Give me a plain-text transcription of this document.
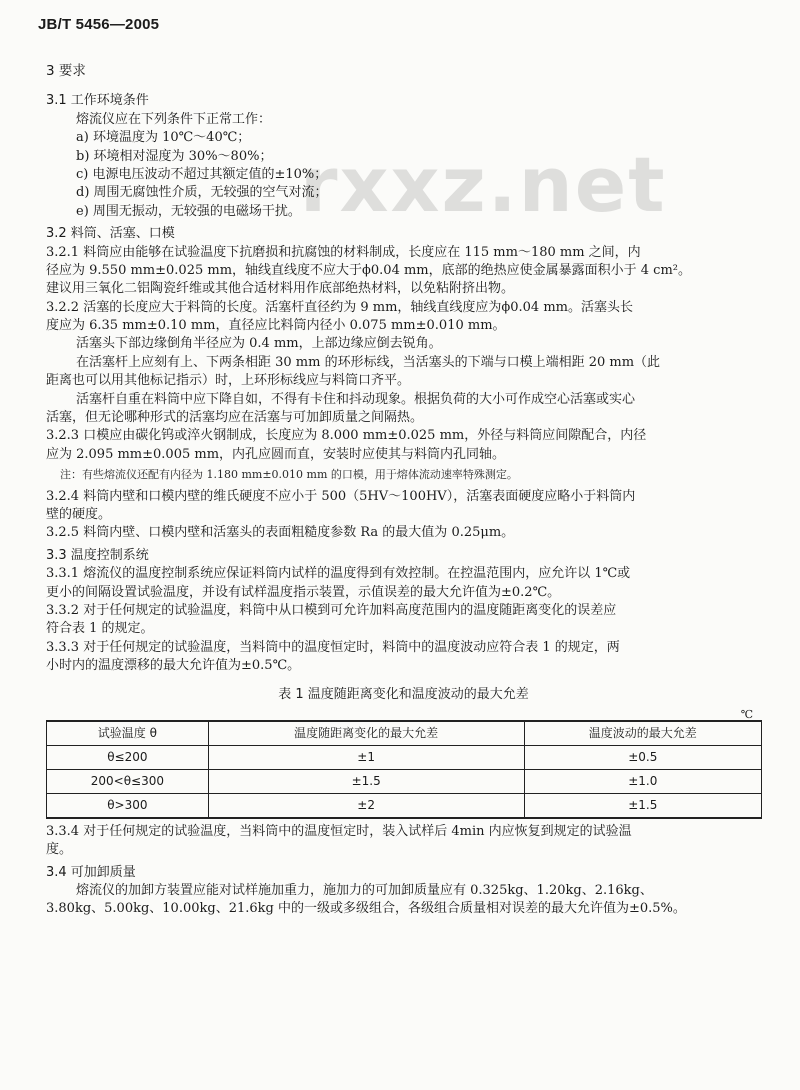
JB/T 5456—2005
rxxz.net
3 要求
3.1 工作环境条件
熔流仪应在下列条件下正常工作：
a) 环境温度为 10℃～40℃；
b) 环境相对湿度为 30%～80%；
c) 电源电压波动不超过其额定值的±10%；
d) 周围无腐蚀性介质，无较强的空气对流；
e) 周围无振动，无较强的电磁场干扰。
3.2 料筒、活塞、口模
3.2.1 料筒应由能够在试验温度下抗磨损和抗腐蚀的材料制成，长度应在 115 mm～180 mm 之间，内
径应为 9.550 mm±0.025 mm，轴线直线度不应大于ϕ0.04 mm，底部的绝热应使金属暴露面积小于 4 cm²。
建议用三氧化二铝陶瓷纤维或其他合适材料用作底部绝热材料，以免粘附挤出物。
3.2.2 活塞的长度应大于料筒的长度。活塞杆直径约为 9 mm，轴线直线度应为ϕ0.04 mm。活塞头长
度应为 6.35 mm±0.10 mm，直径应比料筒内径小 0.075 mm±0.010 mm。
活塞头下部边缘倒角半径应为 0.4 mm，上部边缘应倒去锐角。
在活塞杆上应刻有上、下两条相距 30 mm 的环形标线，当活塞头的下端与口模上端相距 20 mm（此
距离也可以用其他标记指示）时，上环形标线应与料筒口齐平。
活塞杆自重在料筒中应下降自如，不得有卡住和抖动现象。根据负荷的大小可作成空心活塞或实心
活塞，但无论哪种形式的活塞均应在活塞与可加卸质量之间隔热。
3.2.3 口模应由碳化钨或淬火钢制成，长度应为 8.000 mm±0.025 mm，外径与料筒应间隙配合，内径
应为 2.095 mm±0.005 mm，内孔应圆而直，安装时应使其与料筒内孔同轴。
注：有些熔流仪还配有内径为 1.180 mm±0.010 mm 的口模，用于熔体流动速率特殊测定。
3.2.4 料筒内壁和口模内壁的维氏硬度不应小于 500（5HV～100HV），活塞表面硬度应略小于料筒内
壁的硬度。
3.2.5 料筒内壁、口模内壁和活塞头的表面粗糙度参数 Ra 的最大值为 0.25μm。
3.3 温度控制系统
3.3.1 熔流仪的温度控制系统应保证料筒内试样的温度得到有效控制。在控温范围内，应允许以 1℃或
更小的间隔设置试验温度，并设有试样温度指示装置，示值误差的最大允许值为±0.2℃。
3.3.2 对于任何规定的试验温度，料筒中从口模到可允许加料高度范围内的温度随距离变化的误差应
符合表 1 的规定。
3.3.3 对于任何规定的试验温度，当料筒中的温度恒定时，料筒中的温度波动应符合表 1 的规定，两
小时内的温度漂移的最大允许值为±0.5℃。
表 1 温度随距离变化和温度波动的最大允差
℃
试验温度 θ	温度随距离变化的最大允差	温度波动的最大允差
θ≤200	±1	±0.5
200<θ≤300	±1.5	±1.0
θ>300	±2	±1.5
3.3.4 对于任何规定的试验温度，当料筒中的温度恒定时，装入试样后 4min 内应恢复到规定的试验温
度。
3.4 可加卸质量
熔流仪的加卸方装置应能对试样施加重力，施加力的可加卸质量应有 0.325kg、1.20kg、2.16kg、
3.80kg、5.00kg、10.00kg、21.6kg 中的一级或多级组合，各级组合质量相对误差的最大允许值为±0.5%。
